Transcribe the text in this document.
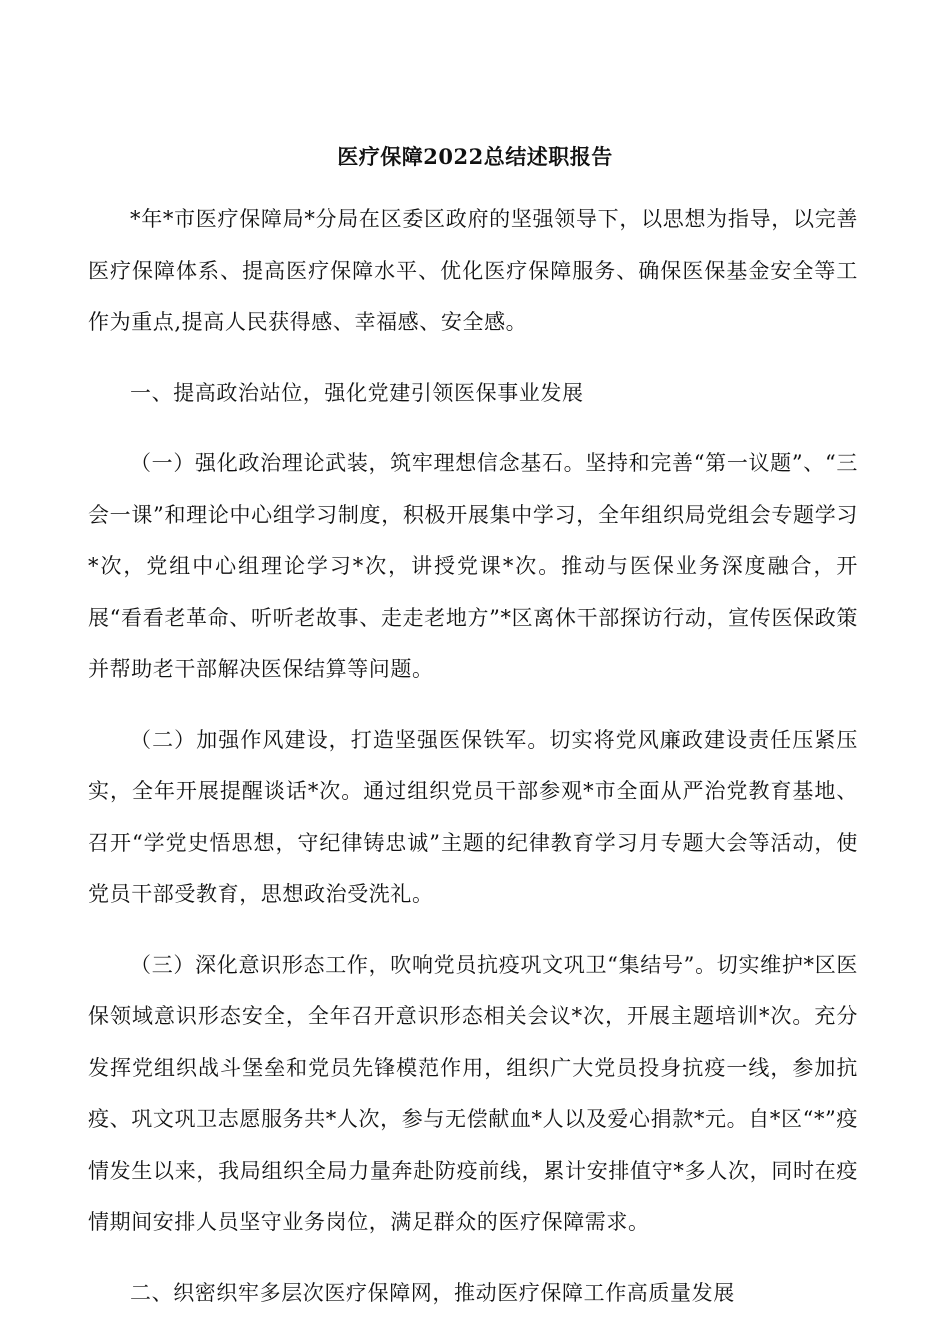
医疗保障2022总结述职报告

*年*市医疗保障局*分局在区委区政府的坚强领导下，以思想为指导，以完善医疗保障体系、提高医疗保障水平、优化医疗保障服务、确保医保基金安全等工作为重点,提高人民获得感、幸福感、安全感。

一、提高政治站位，强化党建引领医保事业发展

（一）强化政治理论武装，筑牢理想信念基石。坚持和完善“第一议题”、“三会一课”和理论中心组学习制度，积极开展集中学习，全年组织局党组会专题学习*次，党组中心组理论学习*次，讲授党课*次。推动与医保业务深度融合，开展“看看老革命、听听老故事、走走老地方”*区离休干部探访行动，宣传医保政策并帮助老干部解决医保结算等问题。

（二）加强作风建设，打造坚强医保铁军。切实将党风廉政建设责任压紧压实，全年开展提醒谈话*次。通过组织党员干部参观*市全面从严治党教育基地、召开“学党史悟思想，守纪律铸忠诚”主题的纪律教育学习月专题大会等活动，使党员干部受教育，思想政治受洗礼。

（三）深化意识形态工作，吹响党员抗疫巩文巩卫“集结号”。切实维护*区医保领域意识形态安全，全年召开意识形态相关会议*次，开展主题培训*次。充分发挥党组织战斗堡垒和党员先锋模范作用，组织广大党员投身抗疫一线，参加抗疫、巩文巩卫志愿服务共*人次，参与无偿献血*人以及爱心捐款*元。自*区“*”疫情发生以来，我局组织全局力量奔赴防疫前线，累计安排值守*多人次，同时在疫情期间安排人员坚守业务岗位，满足群众的医疗保障需求。

二、织密织牢多层次医疗保障网，推动医疗保障工作高质量发展
